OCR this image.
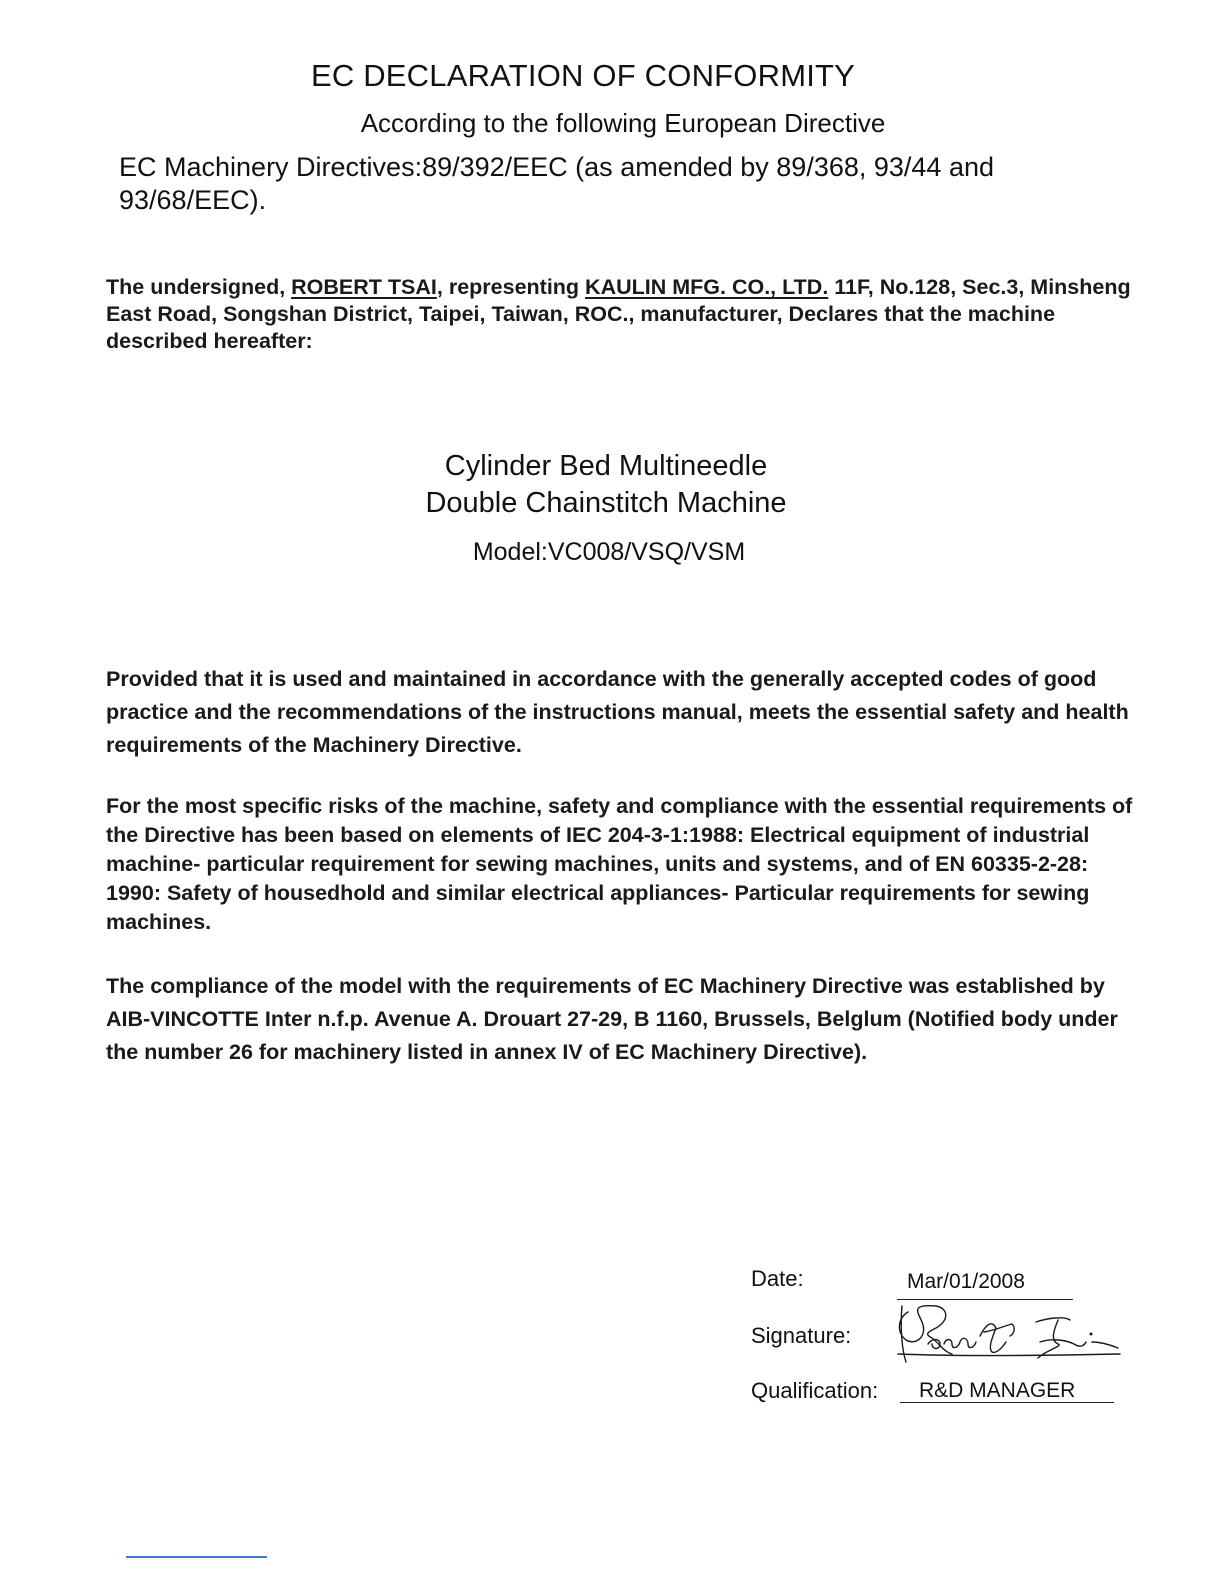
EC DECLARATION OF CONFORMITY
According to the following European Directive
EC Machinery Directives:89/392/EEC (as amended by 89/368, 93/44 and 93/68/EEC).
The undersigned, ROBERT TSAI, representing KAULIN MFG. CO., LTD. 11F, No.128, Sec.3, Minsheng East Road, Songshan District, Taipei, Taiwan, ROC., manufacturer, Declares that the machine described hereafter:
Cylinder Bed Multineedle
Double Chainstitch Machine
Model:VC008/VSQ/VSM
Provided that it is used and maintained in accordance with the generally accepted codes of good practice and the recommendations of the instructions manual, meets the essential safety and health requirements of the Machinery Directive.
For the most specific risks of the machine, safety and compliance with the essential requirements of the Directive has been based on elements of IEC 204-3-1:1988: Electrical equipment of industrial machine- particular requirement for sewing machines, units and systems, and of EN 60335-2-28: 1990: Safety of housedhold and similar electrical appliances- Particular requirements for sewing machines.
The compliance of the model with the requirements of EC Machinery Directive was established by AIB-VINCOTTE Inter n.f.p. Avenue A. Drouart 27-29, B 1160, Brussels, Belglum (Notified body under the number 26 for machinery listed in annex IV of EC Machinery Directive).
Date:	Mar/01/2008
Signature:
Qualification: R&D MANAGER
